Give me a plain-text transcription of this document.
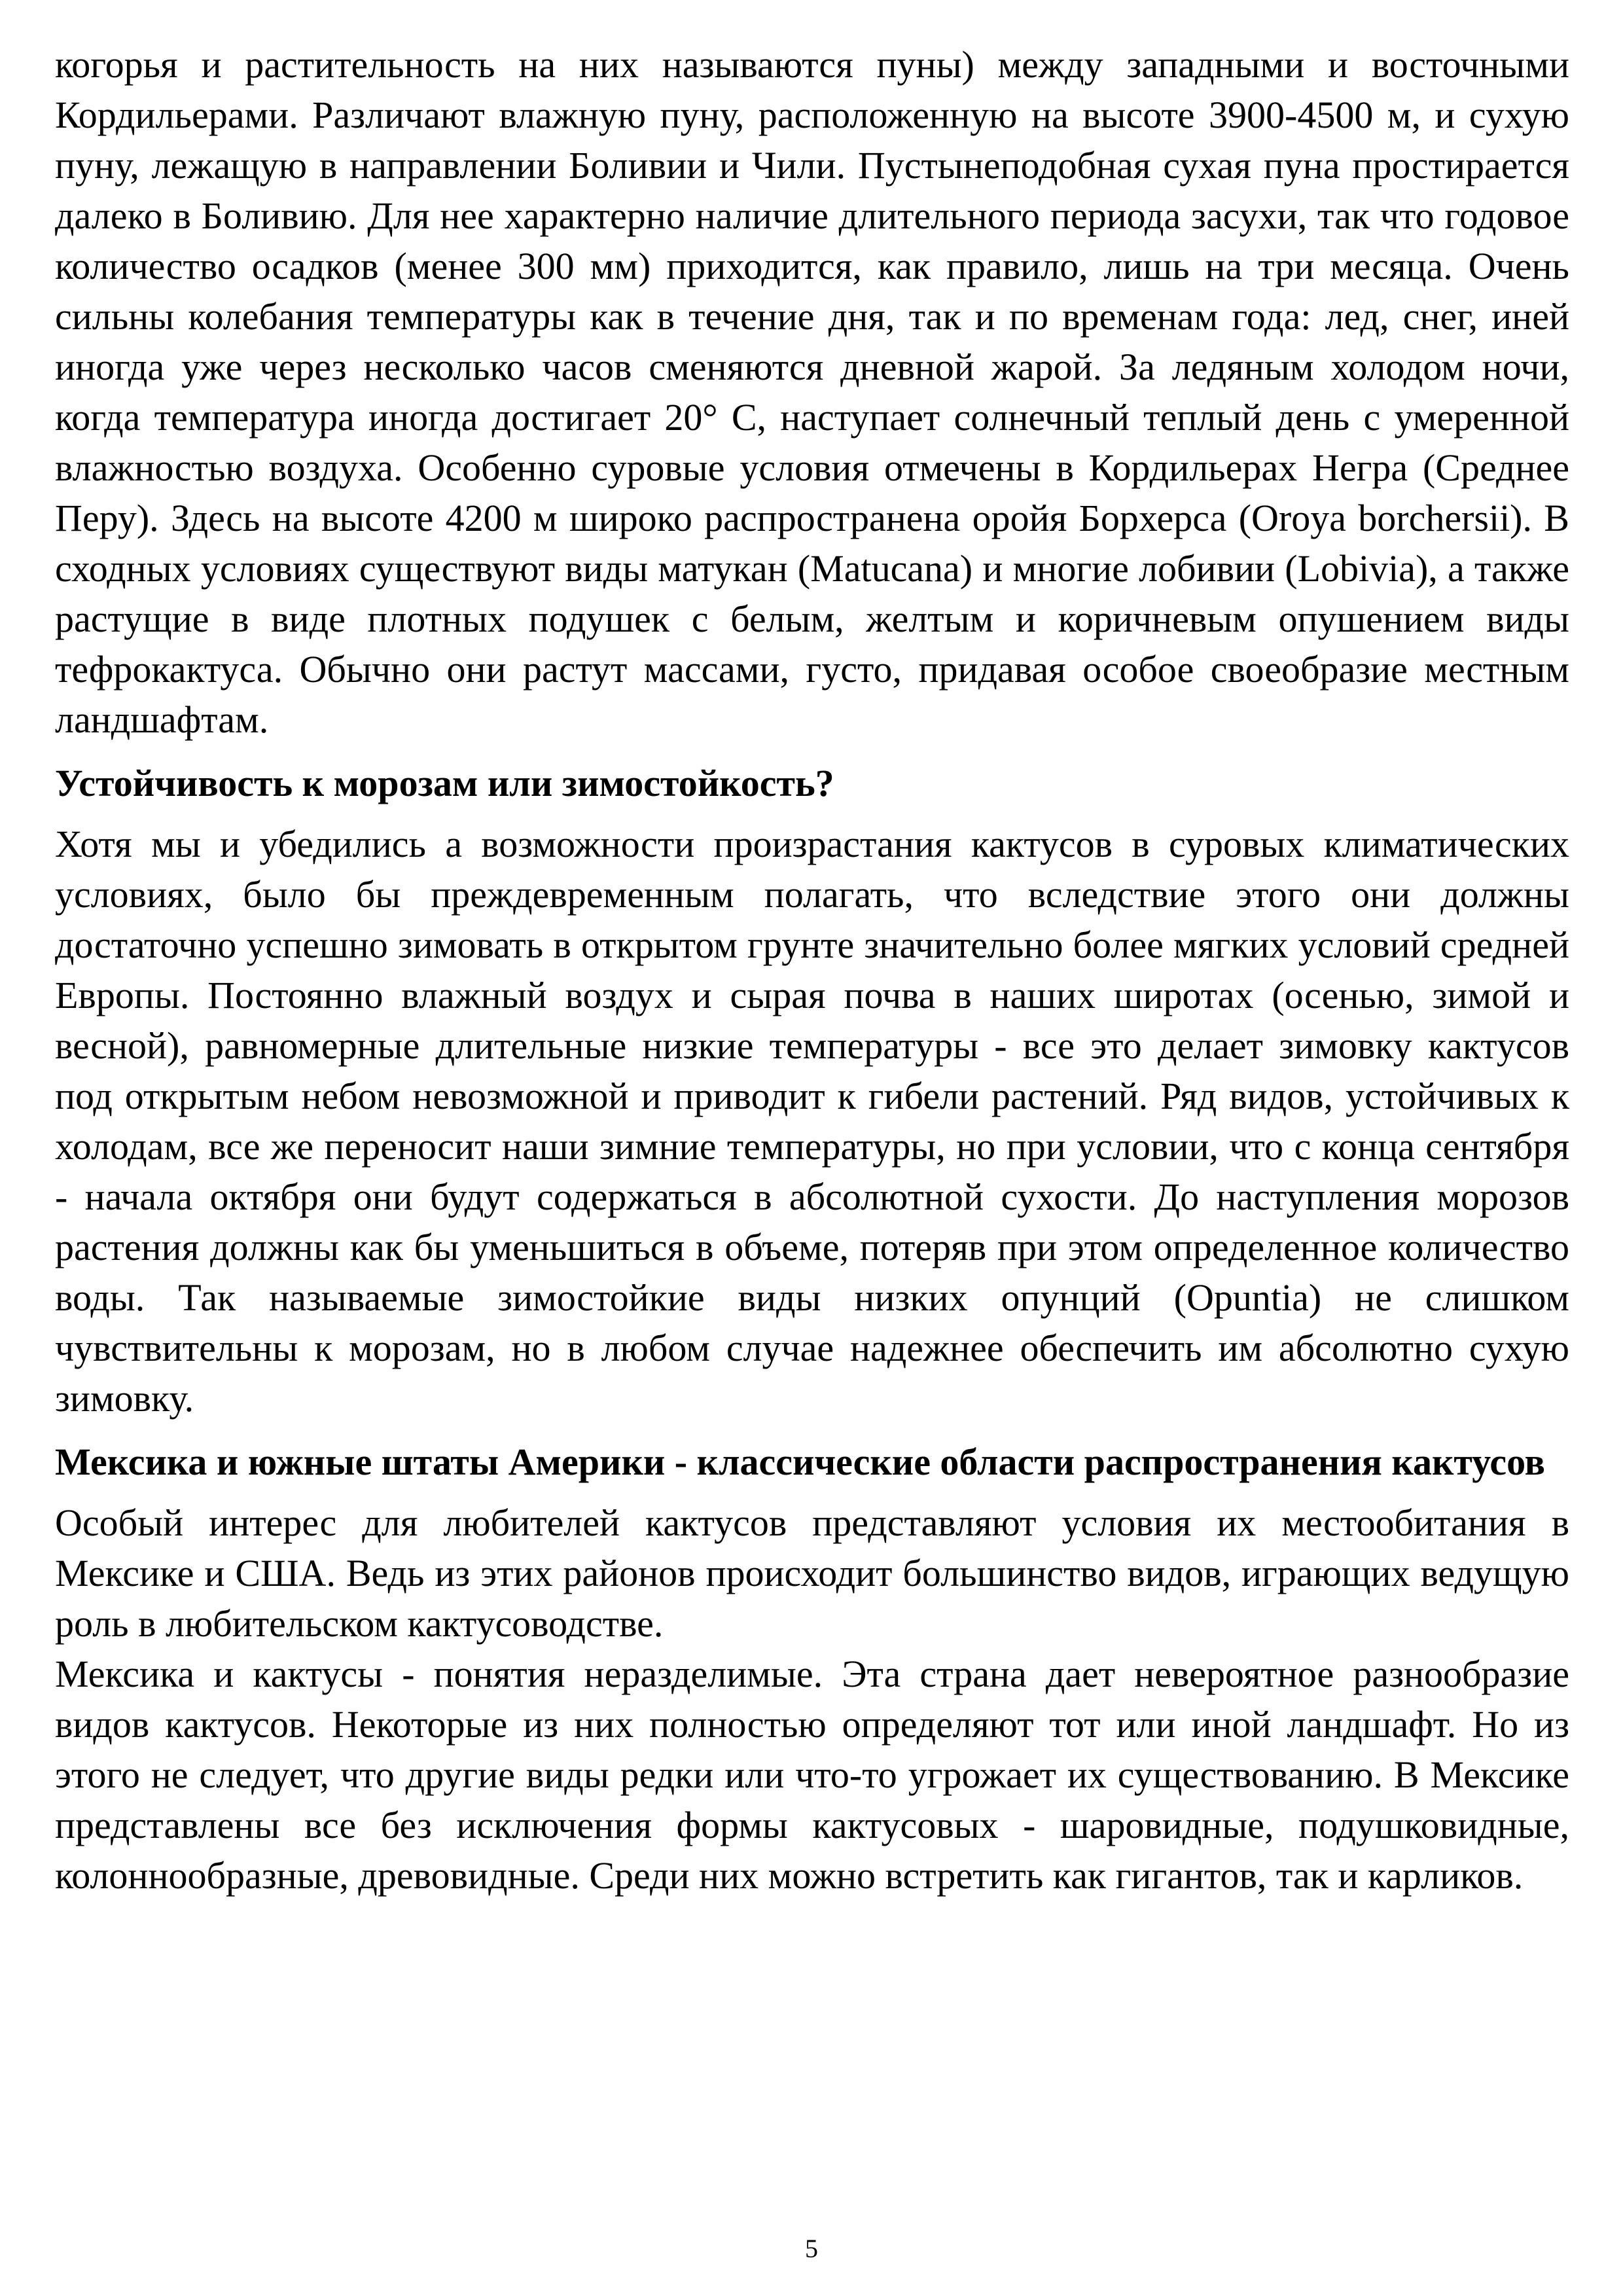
когорья и растительность на них называются пуны) между западными и восточными Кордильерами. Различают влажную пуну, расположенную на высоте 3900-4500 м, и сухую пуну, лежащую в направлении Боливии и Чили. Пустынеподобная сухая пуна простирается далеко в Боливию. Для нее характерно наличие длительного периода засухи, так что годовое количество осадков (менее 300 мм) приходится, как правило, лишь на три месяца. Очень сильны колебания температуры как в течение дня, так и по временам года: лед, снег, иней иногда уже через несколько часов сменяются дневной жарой. За ледяным холодом ночи, когда температура иногда достигает 20° С, наступает солнечный теплый день с умеренной влажностью воздуха. Особенно суровые условия отмечены в Кордильерах Негра (Среднее Перу). Здесь на высоте 4200 м широко распространена оройя Борхерса (Oroya borchersii). В сходных условиях существуют виды матукан (Matucana) и многие лобивии (Lobivia), а также растущие в виде плотных подушек с белым, желтым и коричневым опушением виды тефрокактуса. Обычно они растут массами, густо, придавая особое своеобразие местным ландшафтам.

Устойчивость к морозам или зимостойкость?

Хотя мы и убедились а возможности произрастания кактусов в суровых климатических условиях, было бы преждевременным полагать, что вследствие этого они должны достаточно успешно зимовать в открытом грунте значительно более мягких условий средней Европы. Постоянно влажный воздух и сырая почва в наших широтах (осенью, зимой и весной), равномерные длительные низкие температуры - все это делает зимовку кактусов под открытым небом невозможной и приводит к гибели растений. Ряд видов, устойчивых к холодам, все же переносит наши зимние температуры, но при условии, что с конца сентября - начала октября они будут содержаться в абсолютной сухости. До наступления морозов растения должны как бы уменьшиться в объеме, потеряв при этом определенное количество воды. Так называемые зимостойкие виды низких опунций (Opuntia) не слишком чувствительны к морозам, но в любом случае надежнее обеспечить им абсолютно сухую зимовку.

Мексика и южные штаты Америки - классические области распространения кактусов

Особый интерес для любителей кактусов представляют условия их местообитания в Мексике и США. Ведь из этих районов происходит большинство видов, играющих ведущую роль в любительском кактусоводстве.

Мексика и кактусы - понятия неразделимые. Эта страна дает невероятное разнообразие видов кактусов. Некоторые из них полностью определяют тот или иной ландшафт. Но из этого не следует, что другие виды редки или что-то угрожает их существованию. В Мексике представлены все без исключения формы кактусовых - шаровидные, подушковидные, колоннообразные, древовидные. Среди них можно встретить как гигантов, так и карликов.

5
